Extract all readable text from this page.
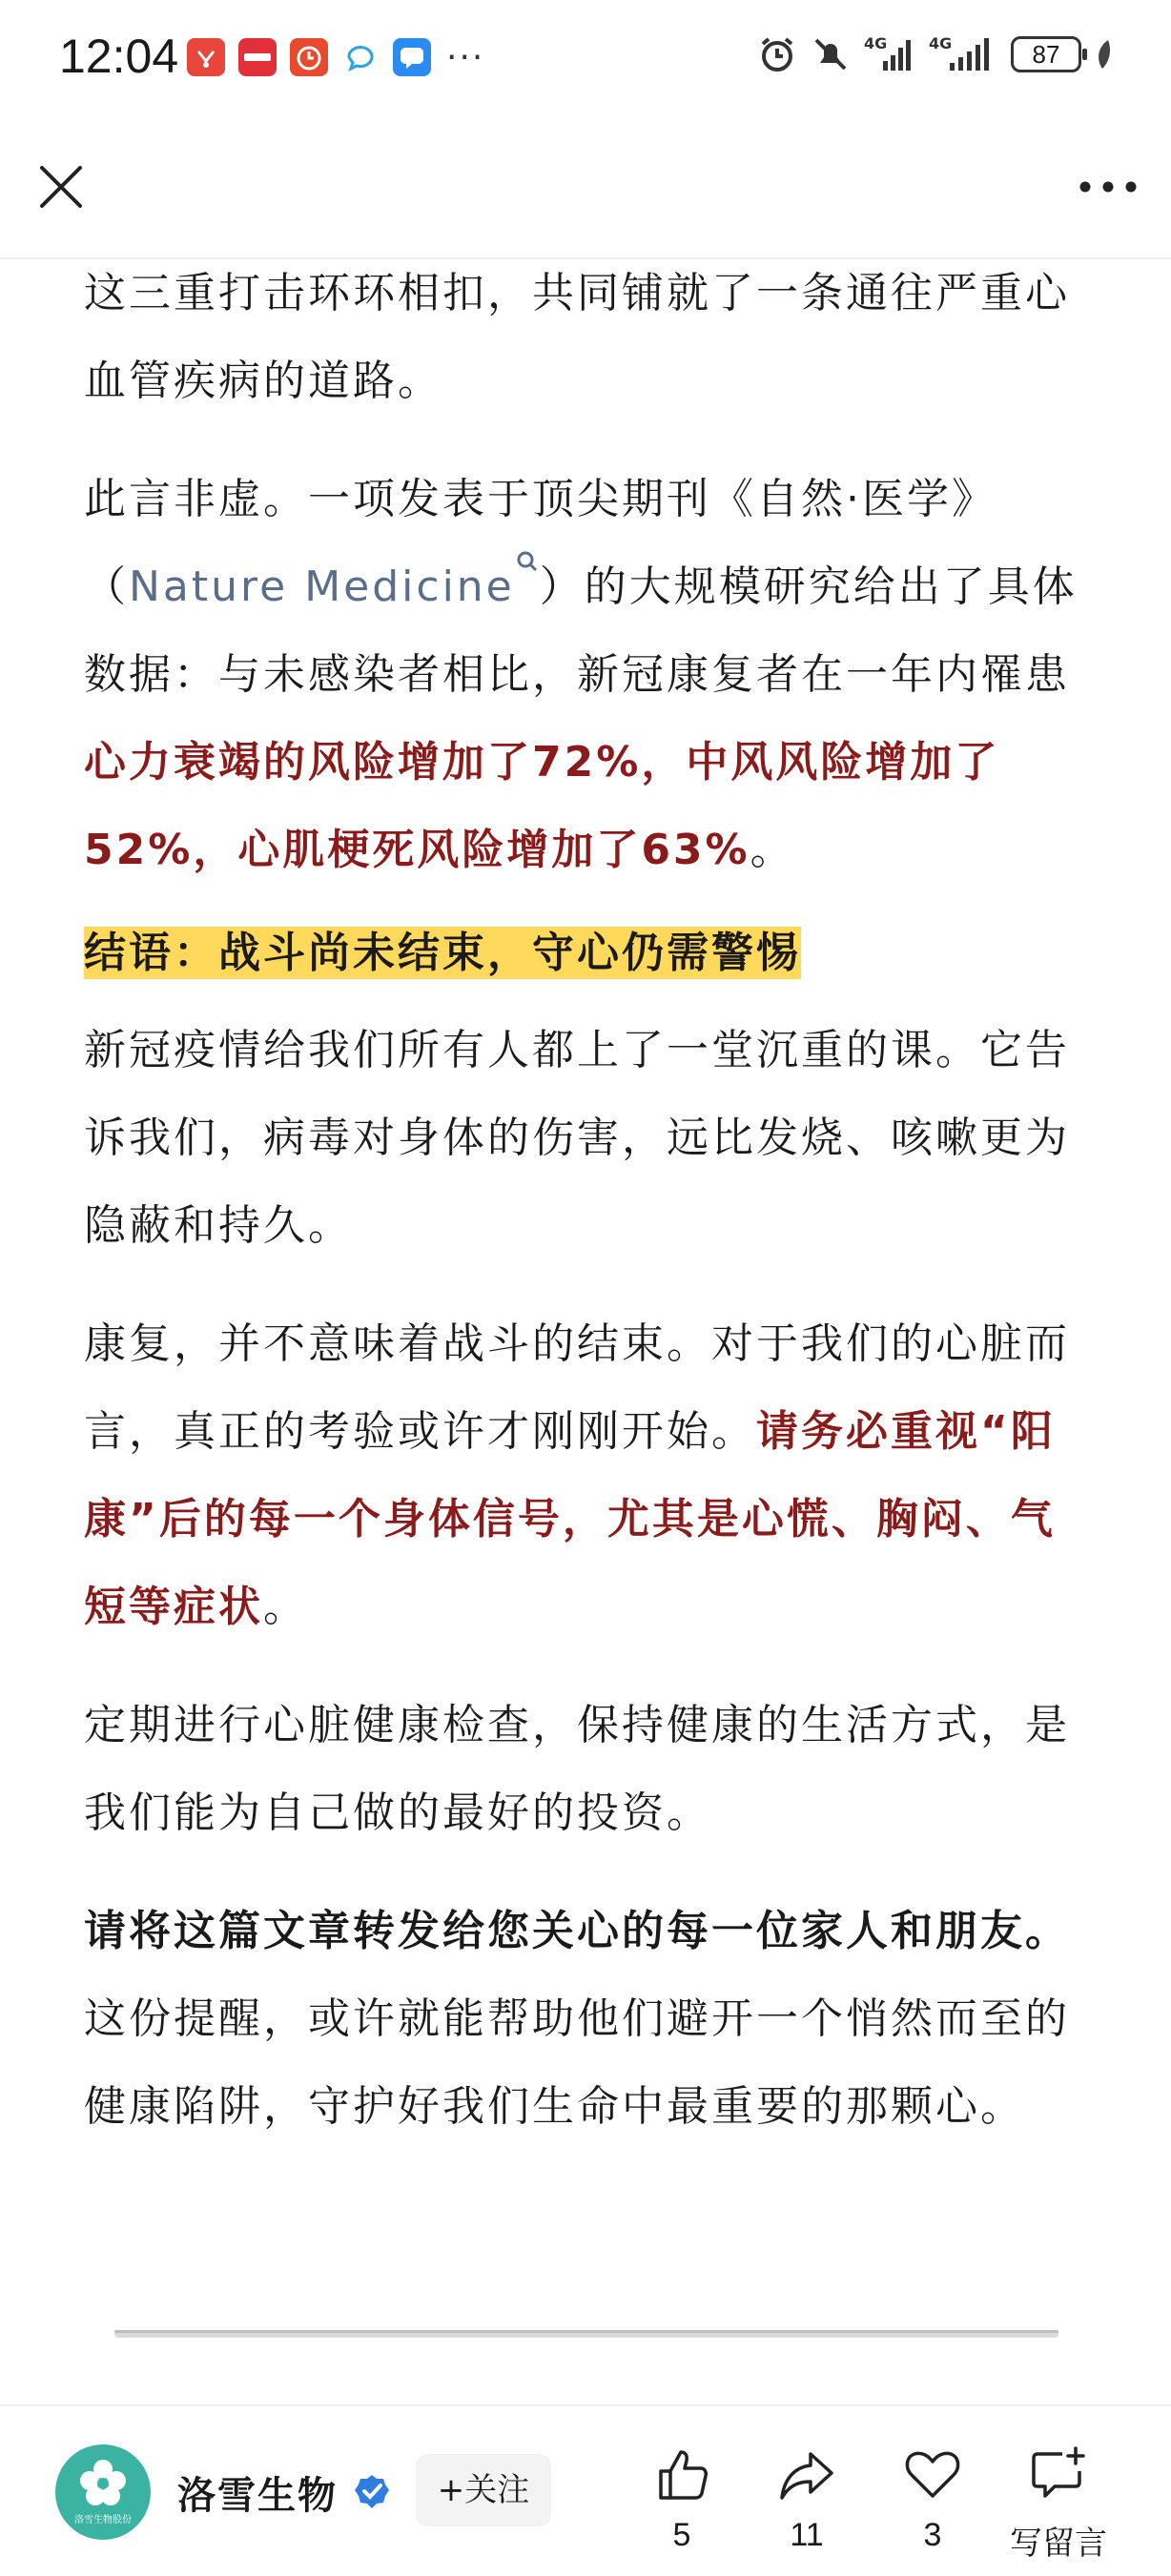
12:04	···	4G	4G	87

这三重打击环环相扣，共同铺就了一条通往严重心血管疾病的道路。

此言非虚。一项发表于顶尖期刊《自然·医学》（Nature Medicine ）的大规模研究给出了具体数据：与未感染者相比，新冠康复者在一年内罹患心力衰竭的风险增加了72%，中风风险增加了52%，心肌梗死风险增加了63%。

结语：战斗尚未结束，守心仍需警惕

新冠疫情给我们所有人都上了一堂沉重的课。它告诉我们，病毒对身体的伤害，远比发烧、咳嗽更为隐蔽和持久。

康复，并不意味着战斗的结束。对于我们的心脏而言，真正的考验或许才刚刚开始。请务必重视“阳康”后的每一个身体信号，尤其是心慌、胸闷、气短等症状。

定期进行心脏健康检查，保持健康的生活方式，是我们能为自己做的最好的投资。

请将这篇文章转发给您关心的每一位家人和朋友。 这份提醒，或许就能帮助他们避开一个悄然而至的健康陷阱，守护好我们生命中最重要的那颗心。

洛雪生物股份
洛雪生物	+关注
5	11	3	写留言
